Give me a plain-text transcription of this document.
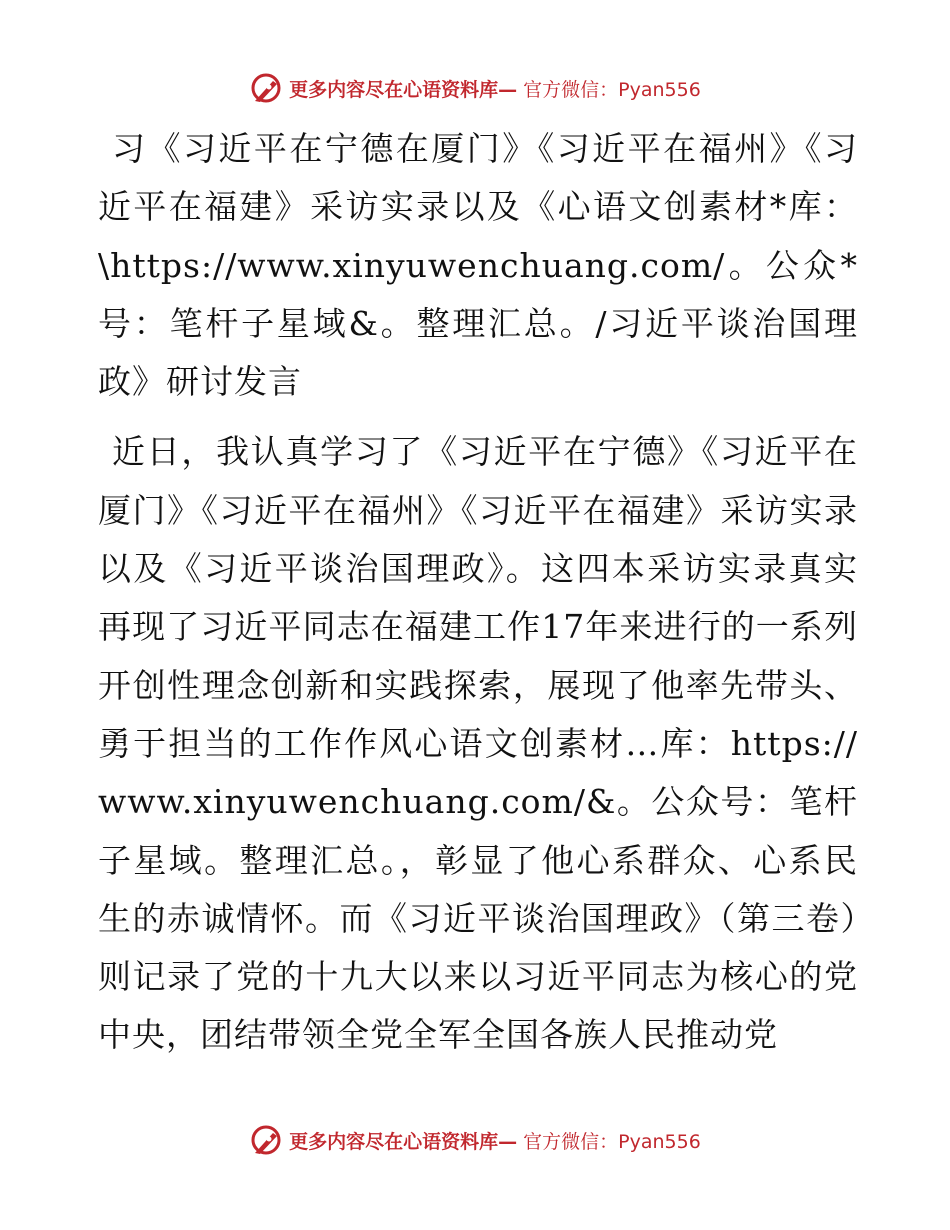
更多内容尽在心语资料库— 官方微信：Pyan556

习《习近平在宁德在厦门》《习近平在福州》《习近平在福建》采访实录以及《心语文创素材*库：\https://www.xinyuwenchuang.com/。公众*号：笔杆子星域&。整理汇总。/习近平谈治国理政》研讨发言

近日，我认真学习了《习近平在宁德》《习近平在厦门》《习近平在福州》《习近平在福建》采访实录以及《习近平谈治国理政》。这四本采访实录真实再现了习近平同志在福建工作17年来进行的一系列开创性理念创新和实践探索，展现了他率先带头、勇于担当的工作作风心语文创素材…库：https://www.xinyuwenchuang.com/&。公众号：笔杆子星域。整理汇总。，彰显了他心系群众、心系民生的赤诚情怀。而《习近平谈治国理政》（第三卷）则记录了党的十九大以来以习近平同志为核心的党中央，团结带领全党全军全国各族人民推动党

更多内容尽在心语资料库— 官方微信：Pyan556
